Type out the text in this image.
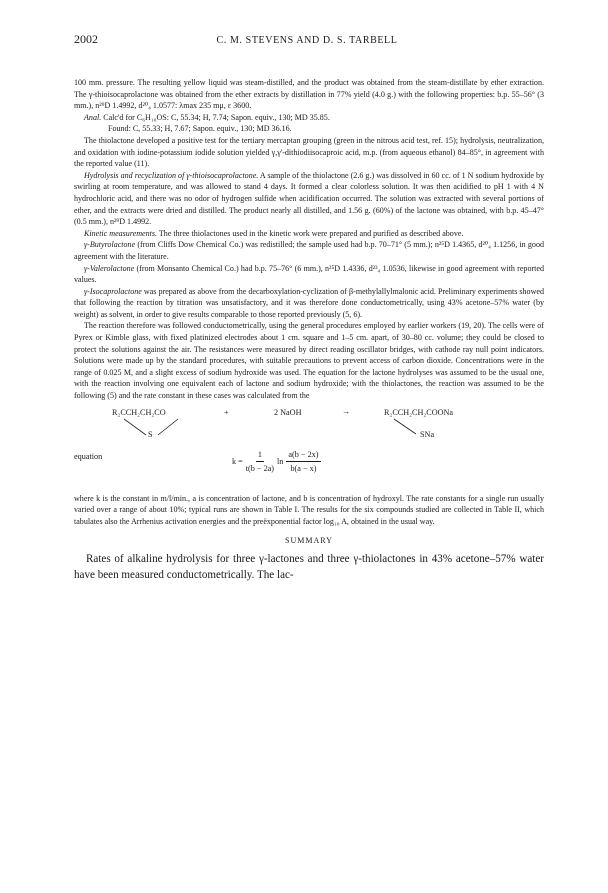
2002	C. M. STEVENS AND D. S. TARBELL

100 mm. pressure. The resulting yellow liquid was steam-distilled, and the product was obtained from the steam-distillate by ether extraction. The γ-thioisocaprolactone was obtained from the ether extracts by distillation in 77% yield (4.0 g.) with the following properties: b.p. 55–56° (3 mm.), n²⁹D 1.4992, d²⁰₄ 1.0577: λmax 235 mμ, ε 3600.

Anal. Calc'd for C₆H₁₀OS: C, 55.34; H, 7.74; Sapon. equiv., 130; MD 35.85.

Found: C, 55.33; H, 7.67; Sapon. equiv., 130; MD 36.16.

The thiolactone developed a positive test for the tertiary mercaptan grouping (green in the nitrous acid test, ref. 15); hydrolysis, neutralization, and oxidation with iodine-potassium iodide solution yielded γ,γ'-dithiodiisocaproic acid, m.p. (from aqueous ethanol) 84–85°, in agreement with the reported value (11).

Hydrolysis and recyclization of γ-thioisocaprolactone. A sample of the thiolactone (2.6 g.) was dissolved in 60 cc. of 1 N sodium hydroxide by swirling at room temperature, and was allowed to stand 4 days. It formed a clear colorless solution. It was then acidified to pH 1 with 4 N hydrochloric acid, and there was no odor of hydrogen sulfide when acidification occurred. The solution was extracted with several portions of ether, and the extracts were dried and distilled. The product nearly all distilled, and 1.56 g. (60%) of the lactone was obtained, with b.p. 45–47° (0.5 mm.), n²⁹D 1.4992.

Kinetic measurements. The three thiolactones used in the kinetic work were prepared and purified as described above.

γ-Butyrolactone (from Cliffs Dow Chemical Co.) was redistilled; the sample used had b.p. 70–71° (5 mm.); n²⁵D 1.4365, d²⁰₄ 1.1256, in good agreement with the literature.

γ-Valerolactone (from Monsanto Chemical Co.) had b.p. 75–76° (6 mm.), n²⁵D 1.4336, d²³₄ 1.0536, likewise in good agreement with reported values.

γ-Isocaprolactone was prepared as above from the decarboxylation-cyclization of β-methylallylmalonic acid. Preliminary experiments showed that following the reaction by titration was unsatisfactory, and it was therefore done conductometrically, using 43% acetone–57% water (by weight) as solvent, in order to give results comparable to those reported previously (5, 6).

The reaction therefore was followed conductometrically, using the general procedures employed by earlier workers (19, 20). The cells were of Pyrex or Kimble glass, with fixed platinized electrodes about 1 cm. square and 1–5 cm. apart, of 30–80 cc. volume; they could be closed to protect the solutions against the air. The resistances were measured by direct reading oscillator bridges, with cathode ray null point indicators. Solutions were made up by the standard procedures, with suitable precautions to prevent access of carbon dioxide. Concentrations were in the range of 0.025 M, and a slight excess of sodium hydroxide was used. The equation for the lactone hydrolyses was assumed to be the usual one, with the reaction involving one equivalent each of lactone and sodium hydroxide; with the thiolactones, the reaction was assumed to be the following (5) and the rate constant in these cases was calculated from the

R₂CCH₂CH₂CO	+	2 NaOH	→	R₂CCH₂CH₂COONa
S	SNa
equation
$k = \frac{1}{t(b - 2a)}$ $\ln \frac{a(b - 2x)}{b(a - x)}$

where k is the constant in m/l/min., a is concentration of lactone, and b is concentration of hydroxyl. The rate constants for a single run usually varied over a range of about 10%; typical runs are shown in Table I. The results for the six compounds studied are collected in Table II, which tabulates also the Arrhenius activation energies and the preëxponential factor log₁₀ A, obtained in the usual way.

SUMMARY

Rates of alkaline hydrolysis for three γ-lactones and three γ-thiolactones in 43% acetone–57% water have been measured conductometrically. The lac-
